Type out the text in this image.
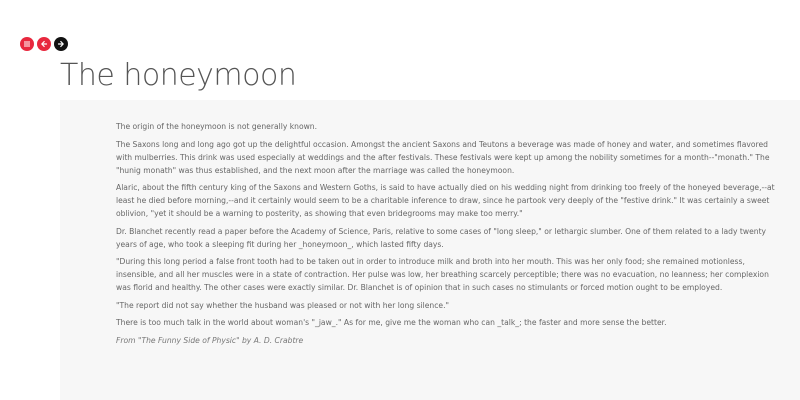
The honeymoon

The origin of the honeymoon is not generally known.

The Saxons long and long ago got up the delightful occasion. Amongst the ancient Saxons and Teutons a beverage was made of honey and water, and sometimes flavored with mulberries. This drink was used especially at weddings and the after festivals. These festivals were kept up among the nobility sometimes for a month--"monath." The "hunig monath" was thus established, and the next moon after the marriage was called the honeymoon.

Alaric, about the fifth century king of the Saxons and Western Goths, is said to have actually died on his wedding night from drinking too freely of the honeyed beverage,--at least he died before morning,--and it certainly would seem to be a charitable inference to draw, since he partook very deeply of the "festive drink." It was certainly a sweet oblivion, "yet it should be a warning to posterity, as showing that even bridegrooms may make too merry."

Dr. Blanchet recently read a paper before the Academy of Science, Paris, relative to some cases of "long sleep," or lethargic slumber. One of them related to a lady twenty years of age, who took a sleeping fit during her _honeymoon_, which lasted fifty days.

"During this long period a false front tooth had to be taken out in order to introduce milk and broth into her mouth. This was her only food; she remained motionless, insensible, and all her muscles were in a state of contraction. Her pulse was low, her breathing scarcely perceptible; there was no evacuation, no leanness; her complexion was florid and healthy. The other cases were exactly similar. Dr. Blanchet is of opinion that in such cases no stimulants or forced motion ought to be employed.

"The report did not say whether the husband was pleased or not with her long silence."

There is too much talk in the world about woman's "_jaw_." As for me, give me the woman who can _talk_; the faster and more sense the better.

From "The Funny Side of Physic" by A. D. Crabtre
